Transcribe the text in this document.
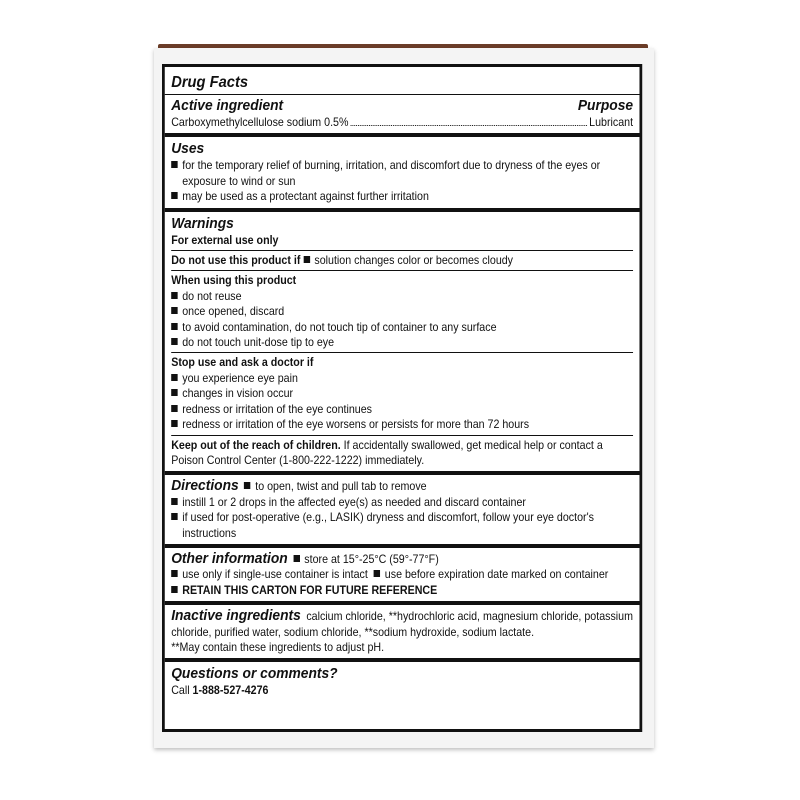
Drug Facts
Active ingredient	Purpose
Carboxymethylcellulose sodium 0.5%	Lubricant
Uses
for the temporary relief of burning, irritation, and discomfort due to dryness of the eyes or exposure to wind or sun
may be used as a protectant against further irritation
Warnings
For external use only
Do not use this product if solution changes color or becomes cloudy
When using this product
do not reuse
once opened, discard
to avoid contamination, do not touch tip of container to any surface
do not touch unit-dose tip to eye
Stop use and ask a doctor if
you experience eye pain
changes in vision occur
redness or irritation of the eye continues
redness or irritation of the eye worsens or persists for more than 72 hours
Keep out of the reach of children. If accidentally swallowed, get medical help or contact a Poison Control Center (1-800-222-1222) immediately.
Directions to open, twist and pull tab to remove
instill 1 or 2 drops in the affected eye(s) as needed and discard container
if used for post-operative (e.g., LASIK) dryness and discomfort, follow your eye doctor's instructions
Other information store at 15°-25°C (59°-77°F)
use only if single-use container is intact use before expiration date marked on container
RETAIN THIS CARTON FOR FUTURE REFERENCE
Inactive ingredients calcium chloride, **hydrochloric acid, magnesium chloride, potassium chloride, purified water, sodium chloride, **sodium hydroxide, sodium lactate.
**May contain these ingredients to adjust pH.
Questions or comments?
Call 1-888-527-4276
